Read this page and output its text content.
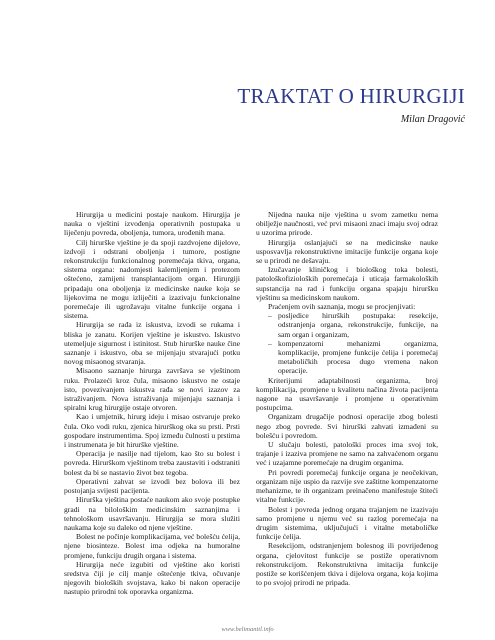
TRAKTAT O HIRURGIJI
Milan Dragović

Hirurgija u medicini postaje naukom. Hirurgija je nauka o vještini izvođenja operativnih postupaka u liječenju povreda, oboljenja, tumora, urođenih mana.

Cilj hirurške vještine je da spoji razdvojene dijelove, izdvoji i odstrani oboljenja i tumore, postigne rekonstrukciju funkcionalnog poremećaja tkiva, organa, sistema organa: nadomjesti kalemljenjem i protezom oštećeno, zamijeni transplantacijom organ. Hirurgiji pripadaju ona oboljenja iz medicinske nauke koja se lijekovima ne mogu izliječiti a izazivaju funkcionalne poremećaje ili ugrožavaju vitalne funkcije organa i sistema.

Hirurgija se rađa iz iskustva, izvodi se rukama i bliska je zanatu. Korijen vještine je iskustvo. Iskustvo utemeljuje sigurnost i istinitost. Stub hirurške nauke čine saznanje i iskustvo, oba se mijenjaju stvarajući potku novog misaonog stvaranja.

Misaono saznanje hirurga završava se vještinom ruku. Prolazeći kroz čula, misaono iskustvo ne ostaje isto, povezivanjem iskustva rađa se novi izazov za istraživanjem. Nova istraživanja mijenjaju saznanja i spiralni krug hirurgije ostaje otvoren.

Kao i umjetnik, hirurg ideju i misao ostvaruje preko čula. Oko vodi ruku, zjenica hirurškog oka su prsti. Prsti gospodare instrumentima. Spoj između čulnosti u prstima i instrumenata je bit hirurške vještine.

Operacija je nasilje nad tijelom, kao što su bolest i povreda. Hirurškom vještinom treba zaustaviti i odstraniti bolest da bi se nastavio život bez tegoba.

Operativni zahvat se izvodi bez bolova ili bez postojanja svijesti pacijenta.

Hirurška vještina postaće naukom ako svoje postupke gradi na bilološkim medicinskim saznanjima i tehnološkom usavršavanju. Hirurgija se mora služiti naukama koje su daleko od njene vještine.

Bolest ne počinje komplikacijama, već bolešću ćelija, njene biosinteze. Bolest ima odjeka na humoralne promjene, funkciju drugih organa i sistema.

Hirurgija neće izgubiti od vještine ako koristi sredstva čiji je cilj manje oštećenje tkiva, očuvanje njegovih bioloških svojstava, kako bi nakon operacije nastupio prirodni tok oporavka organizma.

Nijedna nauka nije vještina u svom zametku nema obilježje naučnosti, već prvi misaoni znaci imaju svoj odraz u uzorima prirode.

Hirurgija oslanjajući se na medicinske nauke usposvavlja rekonstruktivne imitacije funkcije organa koje se u prirodi ne dešavaju.

Izučavanje kliničkog i biološkog toka bolesti, patološkofizioloških poremećaja i uticaja farmakoloških supstancija na rad i funkciju organa spajaju hiruršku vještinu sa medicinskom naukom.

Praćenjem ovih saznanja, mogu se procjenjivati:

– posljedice hirurških postupaka: resekcije, odstranjenja organa, rekonstrukcije, funkcije, na sam organ i organizam,
– kompenzatorni mehanizmi organizma, komplikacije, promjene funkcije ćelija i poremećaj metaboličkih procesa dugo vremena nakon operacije.

Kriterijumi adaptabilnosti organizma, broj komplikacija, promjene u kvalitetu načina života pacijenta nagone na usavršavanje i promjene u operativnim postupcima.

Organizam drugačije podnosi operacije zbog bolesti nego zbog povrede. Svi hirurški zahvati izmađeni su bolešću i povredom.

U slučaju bolesti, patološki proces ima svoj tok, trajanje i izaziva promjene ne samo na zahvaćenom organu već i uzajamne poremećaje na drugim organima.

Pri povredi poremećaj funkcije organa je neočekivan, organizam nije uspio da razvije sve zaštitne kompenzatorne mehanizme, te ih organizam preinačeno manifestuje štiteći vitalne funkcije.

Bolest i povreda jednog organa trajanjem ne izazivaju samo promjene u njemu već su razlog poremećaja na drugim sistemima, uključujući i vitalne metaboličke funkcije ćelija.

Resekcijom, odstranjenjem bolesnog ili povrijeđenog organa, cjelovitost funkcije se postiže operativnom rekonstrukcijom. Rekonstruktivna imitacija funkcije postiže se korišćenjem tkiva i dijelova organa, koja kojima to po svojoj prirodi ne pripada.

www.belimantil.info
